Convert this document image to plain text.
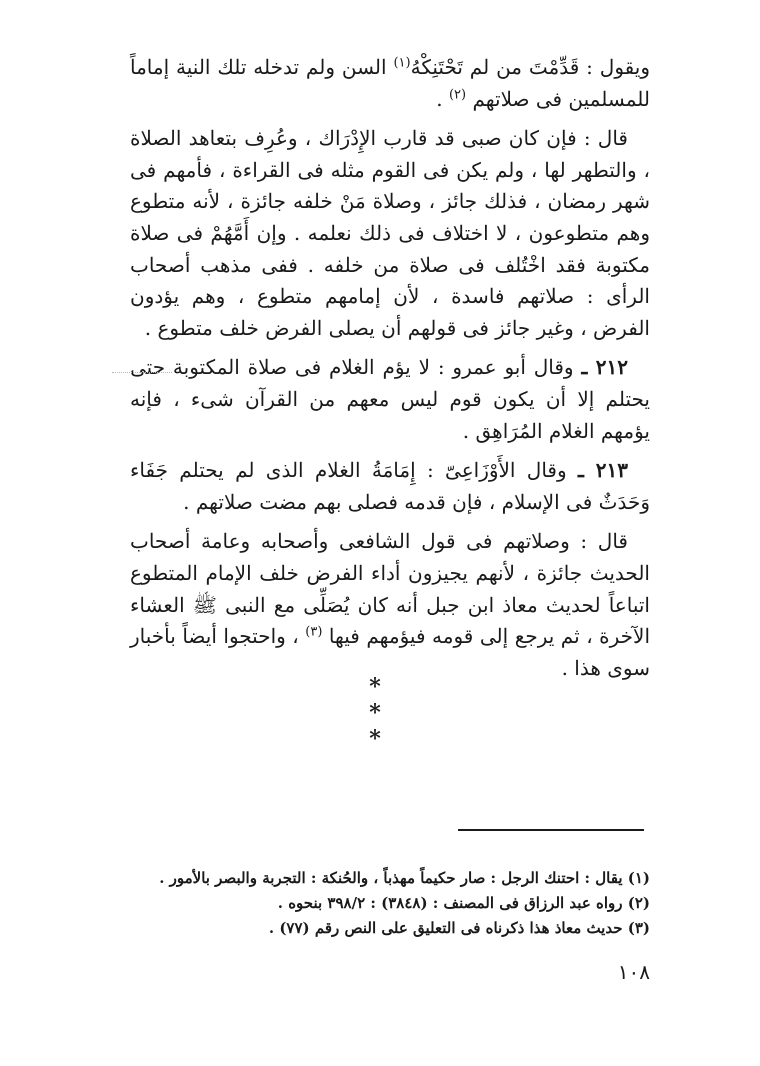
ويقول : قَدِّمْتَ من لم تَحْتَنِكْهُ$^{(١)}$ السن ولم تدخله تلك النية إماماً للمسلمين فى صلاتهم $^{(٢)}$ .

قال : فإن كان صبى قد قارب الإِدْرَاك ، وعُرِف بتعاهد الصلاة ، والتطهر لها ، ولم يكن فى القوم مثله فى القراءة ، فأمهم فى شهر رمضان ، فذلك جائز ، وصلاة مَنْ خلفه جائزة ، لأنه متطوع وهم متطوعون ، لا اختلاف فى ذلك نعلمه . وإن أَمَّهُمْ فى صلاة مكتوبة فقد اخْتُلف فى صلاة من خلفه . ففى مذهب أصحاب الرأى : صلاتهم فاسدة ، لأن إمامهم متطوع ، وهم يؤدون الفرض ، وغير جائز فى قولهم أن يصلى الفرض خلف متطوع .

٢١٢ ـ وقال أبو عمرو : لا يؤم الغلام فى صلاة المكتوبة حتى يحتلم إلا أن يكون قوم ليس معهم من القرآن شىء ، فإنه يؤمهم الغلام المُرَاهِق .

٢١٣ ـ وقال الأَوْزَاعِىّ : إِمَامَةُ الغلام الذى لم يحتلم جَفَاء وَحَدَثٌ فى الإسلام ، فإن قدمه فصلى بهم مضت صلاتهم .

قال : وصلاتهم فى قول الشافعى وأصحابه وعامة أصحاب الحديث جائزة ، لأنهم يجيزون أداء الفرض خلف الإمام المتطوع اتباعاً لحديث معاذ ابن جبل أنه كان يُصَلِّى مع النبى ﷺ العشاء الآخرة ، ثم يرجع إلى قومه فيؤمهم فيها $^{(٣)}$ ، واحتجوا أيضاً بأخبار سوى هذا .

* * *

(١) يقال : احتنك الرجل : صار حكيماً مهذباً ، والحُنكة : التجربة والبصر بالأمور .

(٢) رواه عبد الرزاق فى المصنف : (٣٨٤٨) : ٣٩٨/٢ بنحوه .

(٣) حديث معاذ هذا ذكرناه فى التعليق على النص رقم (٧٧) .

١٠٨
